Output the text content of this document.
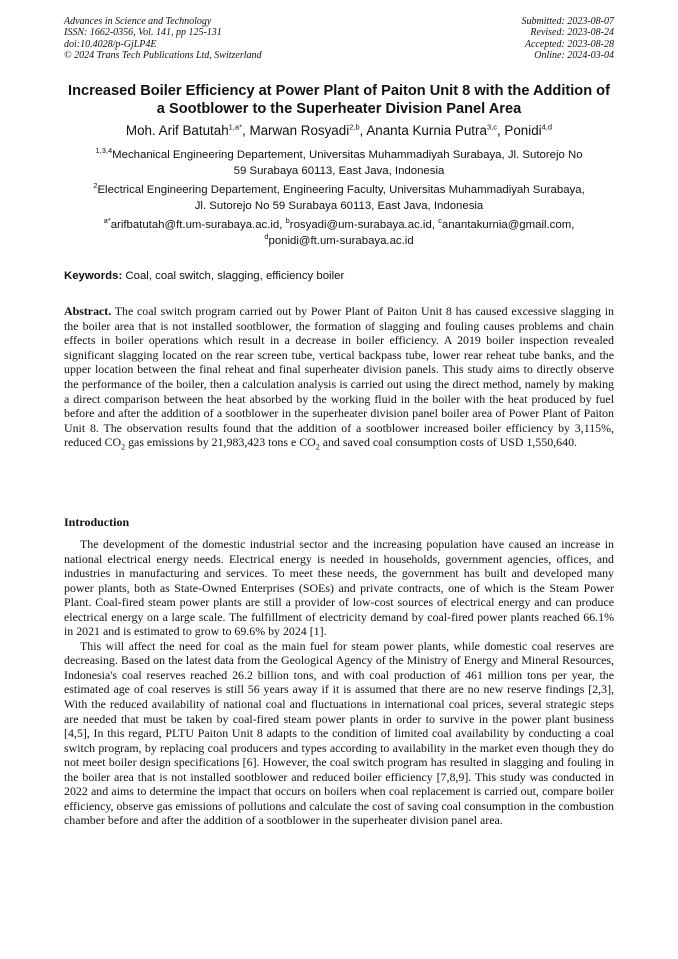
Advances in Science and Technology
ISSN: 1662-0356, Vol. 141, pp 125-131
doi:10.4028/p-GjLP4E
© 2024 Trans Tech Publications Ltd, Switzerland
Submitted: 2023-08-07
Revised: 2023-08-24
Accepted: 2023-08-28
Online: 2024-03-04
Increased Boiler Efficiency at Power Plant of Paiton Unit 8 with the Addition of a Sootblower to the Superheater Division Panel Area
Moh. Arif Batutah$^{1,a*}$, Marwan Rosyadi$^{2,b}$, Ananta Kurnia Putra$^{3,c}$, Ponidi$^{4,d}$
$^{1,3,4}$Mechanical Engineering Departement, Universitas Muhammadiyah Surabaya, Jl. Sutorejo No
59 Surabaya 60113, East Java, Indonesia
$^2$Electrical Engineering Departement, Engineering Faculty, Universitas Muhammadiyah Surabaya,
Jl. Sutorejo No 59 Surabaya 60113, East Java, Indonesia
$^{a*}$arifbatutah@ft.um-surabaya.ac.id, $^b$rosyadi@um-surabaya.ac.id, $^c$anantakurnia@gmail.com,
$^d$ponidi@ft.um-surabaya.ac.id
Keywords: Coal, coal switch, slagging, efficiency boiler

Abstract. The coal switch program carried out by Power Plant of Paiton Unit 8 has caused excessive slagging in the boiler area that is not installed sootblower, the formation of slagging and fouling causes problems and chain effects in boiler operations which result in a decrease in boiler efficiency. A 2019 boiler inspection revealed significant slagging located on the rear screen tube, vertical backpass tube, lower rear reheat tube banks, and the upper location between the final reheat and final superheater division panels. This study aims to directly observe the performance of the boiler, then a calculation analysis is carried out using the direct method, namely by making a direct comparison between the heat absorbed by the working fluid in the boiler with the heat produced by fuel before and after the addition of a sootblower in the superheater division panel boiler area of Power Plant of Paiton Unit 8. The observation results found that the addition of a sootblower increased boiler efficiency by 3,115%, reduced $CO_2$ gas emissions by 21,983,423 tons e $CO_2$ and saved coal consumption costs of USD 1,550,640.

Introduction

The development of the domestic industrial sector and the increasing population have caused an increase in national electrical energy needs. Electrical energy is needed in households, government agencies, offices, and industries in manufacturing and services. To meet these needs, the government has built and developed many power plants, both as State-Owned Enterprises (SOEs) and private contracts, one of which is the Steam Power Plant. Coal-fired steam power plants are still a provider of low-cost sources of electrical energy and can produce electrical energy on a large scale. The fulfillment of electricity demand by coal-fired power plants reached 66.1% in 2021 and is estimated to grow to 69.6% by 2024 [1].

This will affect the need for coal as the main fuel for steam power plants, while domestic coal reserves are decreasing. Based on the latest data from the Geological Agency of the Ministry of Energy and Mineral Resources, Indonesia's coal reserves reached 26.2 billion tons, and with coal production of 461 million tons per year, the estimated age of coal reserves is still 56 years away if it is assumed that there are no new reserve findings [2,3], With the reduced availability of national coal and fluctuations in international coal prices, several strategic steps are needed that must be taken by coal-fired steam power plants in order to survive in the power plant business [4,5], In this regard, PLTU Paiton Unit 8 adapts to the condition of limited coal availability by conducting a coal switch program, by replacing coal producers and types according to availability in the market even though they do not meet boiler design specifications [6]. However, the coal switch program has resulted in slagging and fouling in the boiler area that is not installed sootblower and reduced boiler efficiency [7,8,9]. This study was conducted in 2022 and aims to determine the impact that occurs on boilers when coal replacement is carried out, compare boiler efficiency, observe gas emissions of pollutions and calculate the cost of saving coal consumption in the combustion chamber before and after the addition of a sootblower in the superheater division panel area.
